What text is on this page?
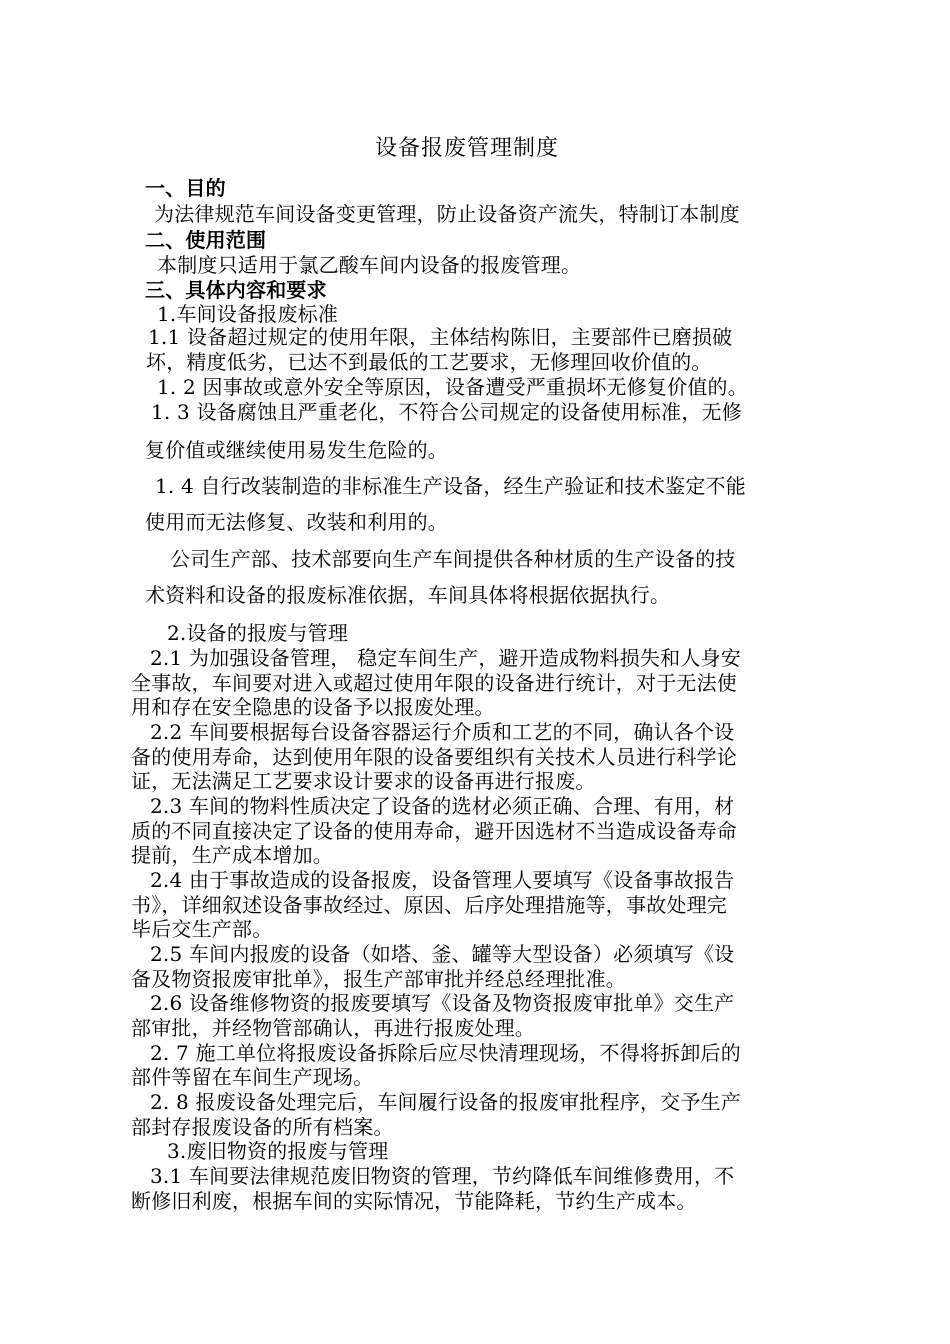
设备报废管理制度
一、目的
为法律规范车间设备变更管理，防止设备资产流失，特制订本制度
二、使用范围
本制度只适用于氯乙酸车间内设备的报废管理。
三、具体内容和要求
1.车间设备报废标准
1.1 设备超过规定的使用年限，主体结构陈旧，主要部件已磨损破
坏，精度低劣，已达不到最低的工艺要求，无修理回收价值的。
1. 2 因事故或意外安全等原因，设备遭受严重损坏无修复价值的。
1. 3 设备腐蚀且严重老化，不符合公司规定的设备使用标准，无修
复价值或继续使用易发生危险的。
1. 4 自行改装制造的非标准生产设备，经生产验证和技术鉴定不能
使用而无法修复、改装和利用的。
公司生产部、技术部要向生产车间提供各种材质的生产设备的技
术资料和设备的报废标准依据，车间具体将根据依据执行。
2.设备的报废与管理
2.1 为加强设备管理， 稳定车间生产，避开造成物料损失和人身安
全事故，车间要对进入或超过使用年限的设备进行统计，对于无法使
用和存在安全隐患的设备予以报废处理。
2.2 车间要根据每台设备容器运行介质和工艺的不同，确认各个设
备的使用寿命，达到使用年限的设备要组织有关技术人员进行科学论
证，无法满足工艺要求设计要求的设备再进行报废。
2.3 车间的物料性质决定了设备的选材必须正确、合理、有用，材
质的不同直接决定了设备的使用寿命，避开因选材不当造成设备寿命
提前，生产成本增加。
2.4 由于事故造成的设备报废，设备管理人要填写《设备事故报告
书》，详细叙述设备事故经过、原因、后序处理措施等，事故处理完
毕后交生产部。
2.5 车间内报废的设备（如塔、釜、罐等大型设备）必须填写《设
备及物资报废审批单》，报生产部审批并经总经理批准。
2.6 设备维修物资的报废要填写《设备及物资报废审批单》交生产
部审批，并经物管部确认，再进行报废处理。
2. 7 施工单位将报废设备拆除后应尽快清理现场，不得将拆卸后的
部件等留在车间生产现场。
2. 8 报废设备处理完后，车间履行设备的报废审批程序，交予生产
部封存报废设备的所有档案。
3.废旧物资的报废与管理
3.1 车间要法律规范废旧物资的管理，节约降低车间维修费用，不
断修旧利废，根据车间的实际情况，节能降耗，节约生产成本。
